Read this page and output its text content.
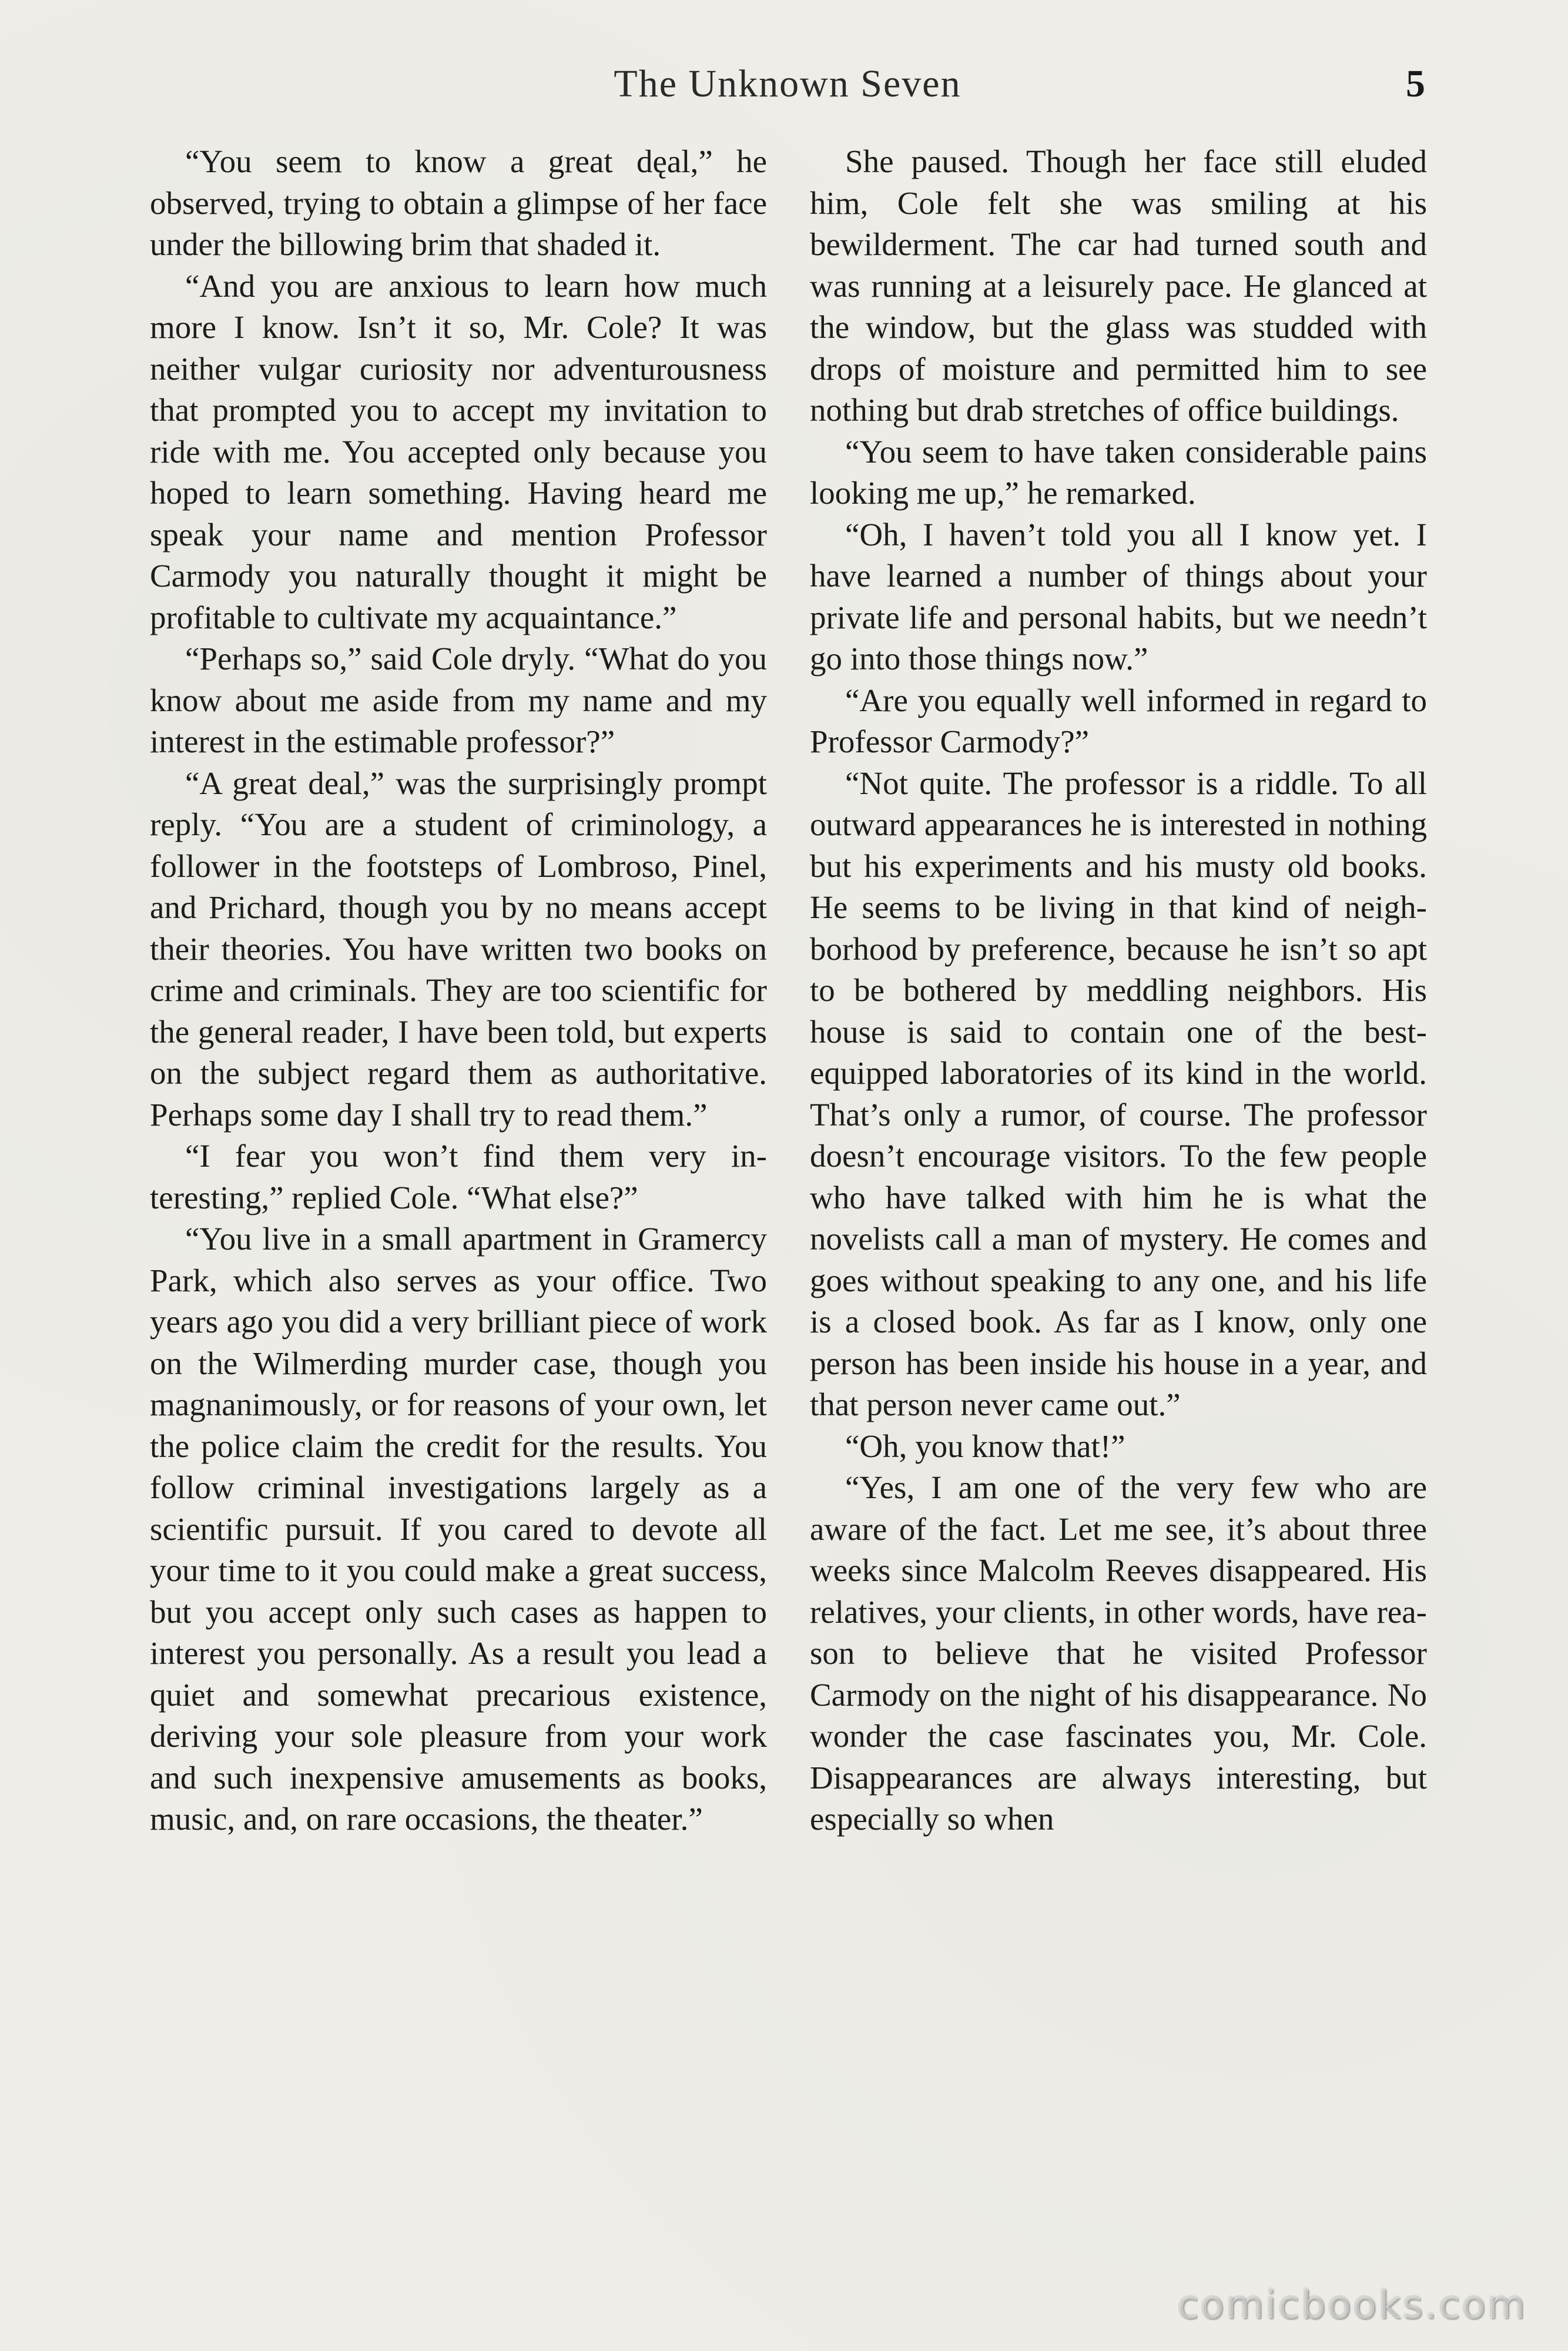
The Unknown Seven	5

“You seem to know a great dęal,” he observed, trying to obtain a glimpse of her face under the billowing brim that shaded it.

“And you are anxious to learn how much more I know. Isn’t it so, Mr. Cole? It was neither vulgar curiosity nor adventurousness that prompted you to accept my invitation to ride with me. You accepted only because you hoped to learn something. Having heard me speak your name and mention Professor Carmody you naturally thought it might be profitable to cultivate my acquaintance.”

“Perhaps so,” said Cole dryly. “What do you know about me aside from my name and my interest in the estimable professor?”

“A great deal,” was the surprisingly prompt reply. “You are a student of criminology, a follower in the footsteps of Lombroso, Pinel, and Prichard, though you by no means accept their theories. You have written two books on crime and criminals. They are too scientific for the general reader, I have been told, but experts on the subject regard them as authoritative. Perhaps some day I shall try to read them.”

“I fear you won’t find them very interesting,” replied Cole. “What else?”

“You live in a small apartment in Gramercy Park, which also serves as your office. Two years ago you did a very brilliant piece of work on the Wilmerding murder case, though you magnanimously, or for reasons of your own, let the police claim the credit for the results. You follow criminal investigations largely as a scientific pursuit. If you cared to devote all your time to it you could make a great success, but you accept only such cases as happen to interest you personally. As a result you lead a quiet and somewhat precarious existence, deriving your sole pleasure from your work and such inexpensive amusements as books, music, and, on rare occasions, the theater.”

She paused. Though her face still eluded him, Cole felt she was smiling at his bewilderment. The car had turned south and was running at a leisurely pace. He glanced at the window, but the glass was studded with drops of moisture and permitted him to see nothing but drab stretches of office buildings.

“You seem to have taken considerable pains looking me up,” he remarked.

“Oh, I haven’t told you all I know yet. I have learned a number of things about your private life and personal habits, but we needn’t go into those things now.”

“Are you equally well informed in regard to Professor Carmody?”

“Not quite. The professor is a riddle. To all outward appearances he is interested in nothing but his experiments and his musty old books. He seems to be living in that kind of neighborhood by preference, because he isn’t so apt to be bothered by meddling neighbors. His house is said to contain one of the best-equipped laboratories of its kind in the world. That’s only a rumor, of course. The professor doesn’t encourage visitors. To the few people who have talked with him he is what the novelists call a man of mystery. He comes and goes without speaking to any one, and his life is a closed book. As far as I know, only one person has been inside his house in a year, and that person never came out.”

“Oh, you know that!”

“Yes, I am one of the very few who are aware of the fact. Let me see, it’s about three weeks since Malcolm Reeves disappeared. His relatives, your clients, in other words, have reason to believe that he visited Professor Carmody on the night of his disappearance. No wonder the case fascinates you, Mr. Cole. Disappearances are always interesting, but especially so when

comicbooks.com
